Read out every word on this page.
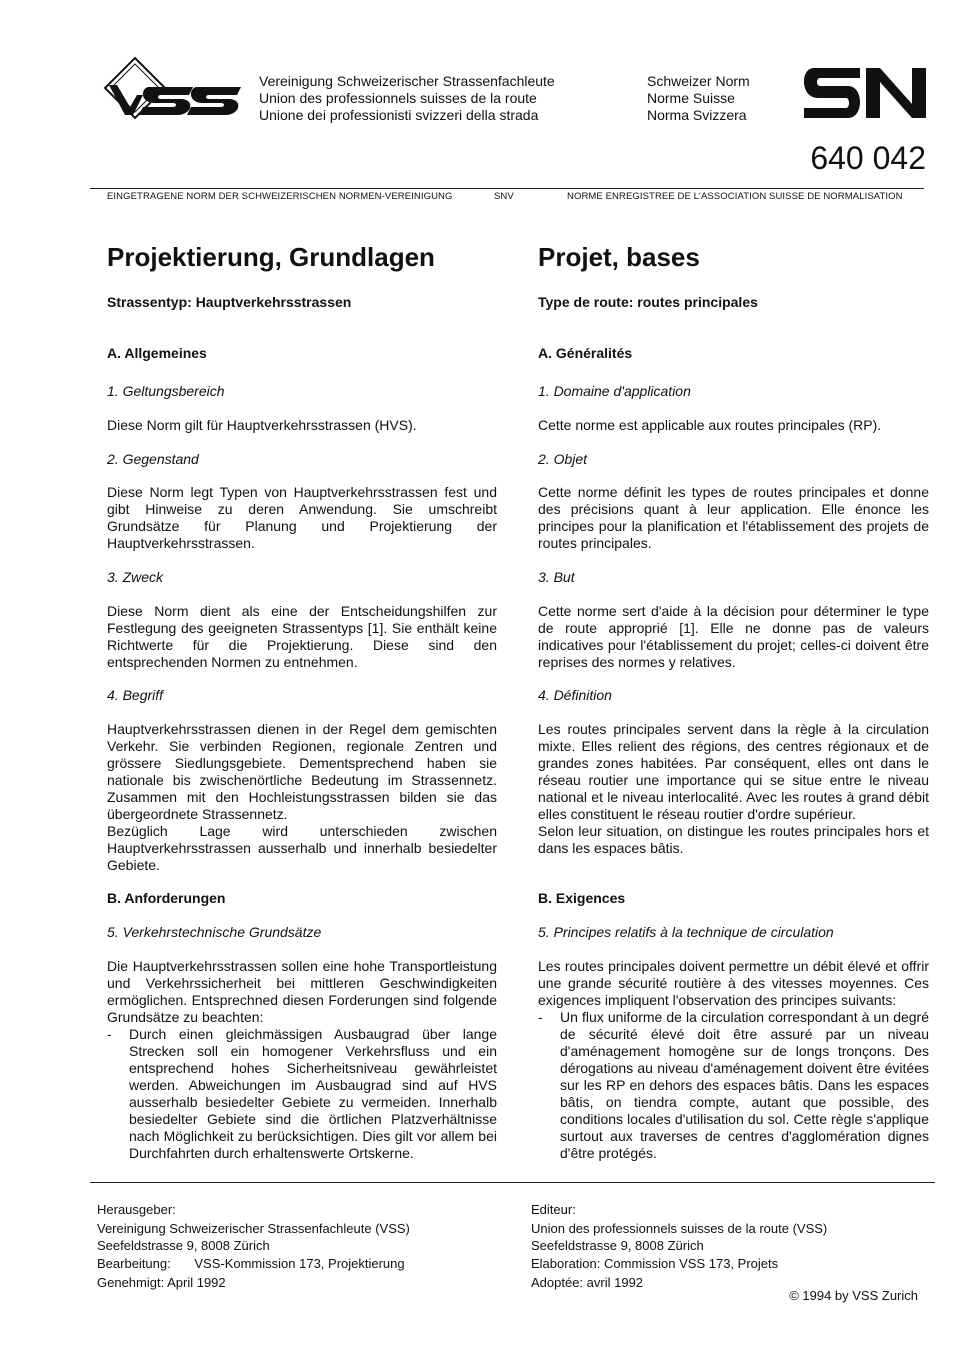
Vereinigung Schweizerischer Strassenfachleute
Union des professionnels suisses de la route
Unione dei professionisti svizzeri della strada
Schweizer Norm
Norme Suisse
Norma Svizzera
640 042
EINGETRAGENE NORM DER SCHWEIZERISCHEN NORMEN-VEREINIGUNG	SNV	NORME ENREGISTREE DE L'ASSOCIATION SUISSE DE NORMALISATION
Projektierung, Grundlagen
Strassentyp: Hauptverkehrsstrassen
A. Allgemeines
1. Geltungsbereich
Diese Norm gilt für Hauptverkehrsstrassen (HVS).
2. Gegenstand
Diese Norm legt Typen von Hauptverkehrsstrassen fest und gibt Hinweise zu deren Anwendung. Sie umschreibt Grundsätze für Planung und Projektierung der Hauptverkehrsstrassen.
3. Zweck
Diese Norm dient als eine der Entscheidungshilfen zur Festlegung des geeigneten Strassentyps [1]. Sie enthält keine Richtwerte für die Projektierung. Diese sind den entsprechenden Normen zu entnehmen.
4. Begriff
Hauptverkehrsstrassen dienen in der Regel dem gemischten Verkehr. Sie verbinden Regionen, regionale Zentren und grössere Siedlungsgebiete. Dementsprechend haben sie nationale bis zwischenörtliche Bedeutung im Strassennetz. Zusammen mit den Hochleistungsstrassen bilden sie das übergeordnete Strassennetz.
Bezüglich Lage wird unterschieden zwischen Hauptverkehrsstrassen ausserhalb und innerhalb besiedelter Gebiete.
B. Anforderungen
5. Verkehrstechnische Grundsätze
Die Hauptverkehrsstrassen sollen eine hohe Transportleistung und Verkehrssicherheit bei mittleren Geschwindigkeiten ermöglichen. Entsprechned diesen Forderungen sind folgende Grundsätze zu beachten:
-	Durch einen gleichmässigen Ausbaugrad über lange Strecken soll ein homogener Verkehrsfluss und ein entsprechend hohes Sicherheitsniveau gewährleistet werden. Abweichungen im Ausbaugrad sind auf HVS ausserhalb besiedelter Gebiete zu vermeiden. Innerhalb besiedelter Gebiete sind die örtlichen Platzverhältnisse nach Möglichkeit zu berücksichtigen. Dies gilt vor allem bei Durchfahrten durch erhaltenswerte Ortskerne.
Projet, bases
Type de route: routes principales
A. Généralités
1. Domaine d'application
Cette norme est applicable aux routes principales (RP).
2. Objet
Cette norme définit les types de routes principales et donne des précisions quant à leur application. Elle énonce les principes pour la planification et l'établissement des projets de routes principales.
3. But
Cette norme sert d'aide à la décision pour déterminer le type de route approprié [1]. Elle ne donne pas de valeurs indicatives pour l'établissement du projet; celles-ci doivent être reprises des normes y relatives.
4. Définition
Les routes principales servent dans la règle à la circulation mixte. Elles relient des régions, des centres régionaux et de grandes zones habitées. Par conséquent, elles ont dans le réseau routier une importance qui se situe entre le niveau national et le niveau interlocalité. Avec les routes à grand débit elles constituent le réseau routier d'ordre supérieur.
Selon leur situation, on distingue les routes principales hors et dans les espaces bâtis.
B. Exigences
5. Principes relatifs à la technique de circulation
Les routes principales doivent permettre un débit élevé et offrir une grande sécurité routière à des vitesses moyennes. Ces exigences impliquent l'observation des principes suivants:
-	Un flux uniforme de la circulation correspondant à un degré de sécurité élevé doit être assuré par un niveau d'aménagement homogène sur de longs tronçons. Des dérogations au niveau d'aménagement doivent être évitées sur les RP en dehors des espaces bâtis. Dans les espaces bâtis, on tiendra compte, autant que possible, des conditions locales d'utilisation du sol. Cette règle s'applique surtout aux traverses de centres d'agglomération dignes d'être protégés.
Herausgeber:
Vereinigung Schweizerischer Strassenfachleute (VSS)
Seefeldstrasse 9, 8008 Zürich
Bearbeitung: VSS-Kommission 173, Projektierung
Genehmigt: April 1992
Editeur:
Union des professionnels suisses de la route (VSS)
Seefeldstrasse 9, 8008 Zürich
Elaboration: Commission VSS 173, Projets
Adoptée: avril 1992
© 1994 by VSS Zurich
